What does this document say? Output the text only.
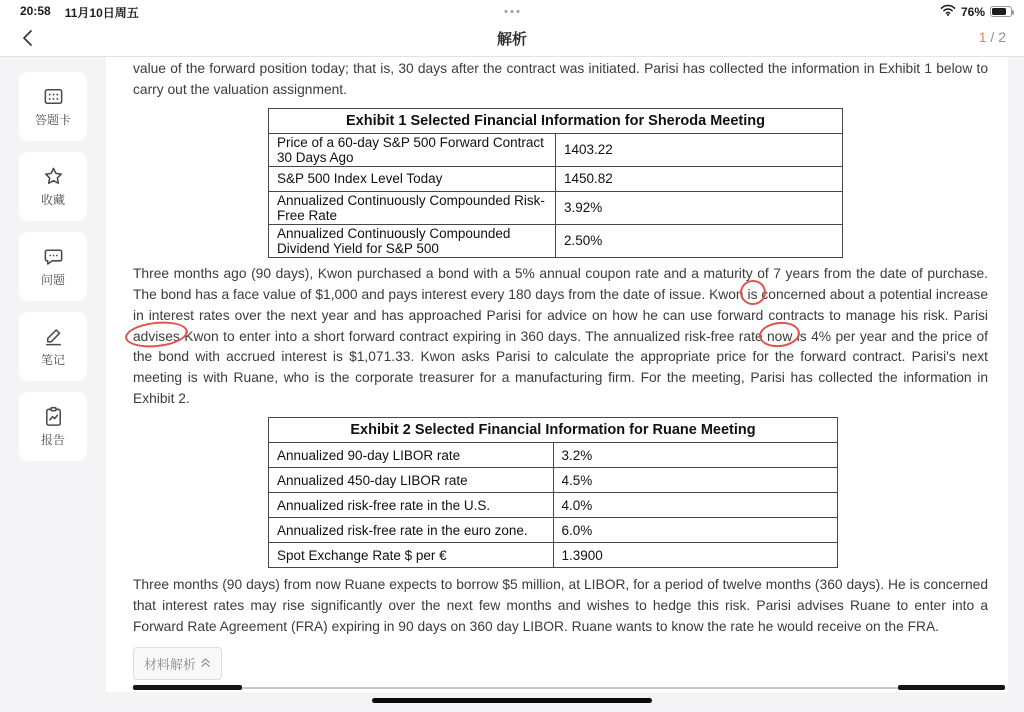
20:58 11月10日周五	76%
解析	1 / 2
答题卡
收藏
问题
笔记
报告

value of the forward position today; that is, 30 days after the contract was initiated. Parisi has collected the information in Exhibit 1 below to carry out the valuation assignment.

Exhibit 1 Selected Financial Information for Sheroda Meeting	
Price of a 60-day S&P 500 Forward Contract 30 Days Ago	1403.22
S&P 500 Index Level Today	1450.82
Annualized Continuously Compounded Risk-Free Rate	3.92%
Annualized Continuously Compounded Dividend Yield for S&P 500	2.50%

Three months ago (90 days), Kwon purchased a bond with a 5% annual coupon rate and a maturity of 7 years from the date of purchase. The bond has a face value of $1,000 and pays interest every 180 days from the date of issue. Kwon is concerned about a potential increase in interest rates over the next year and has approached Parisi for advice on how he can use forward contracts to manage his risk. Parisi advises Kwon to enter into a short forward contract expiring in 360 days. The annualized risk-free rate now is 4% per year and the price of the bond with accrued interest is $1,071.33. Kwon asks Parisi to calculate the appropriate price for the forward contract. Parisi's next meeting is with Ruane, who is the corporate treasurer for a manufacturing firm. For the meeting, Parisi has collected the information in Exhibit 2.

Exhibit 2 Selected Financial Information for Ruane Meeting	
Annualized 90-day LIBOR rate	3.2%
Annualized 450-day LIBOR rate	4.5%
Annualized risk-free rate in the U.S.	4.0%
Annualized risk-free rate in the euro zone.	6.0%
Spot Exchange Rate $ per €	1.3900

Three months (90 days) from now Ruane expects to borrow $5 million, at LIBOR, for a period of twelve months (360 days). He is concerned that interest rates may rise significantly over the next few months and wishes to hedge this risk. Parisi advises Ruane to enter into a Forward Rate Agreement (FRA) expiring in 90 days on 360 day LIBOR. Ruane wants to know the rate he would receive on the FRA.

材料解析
